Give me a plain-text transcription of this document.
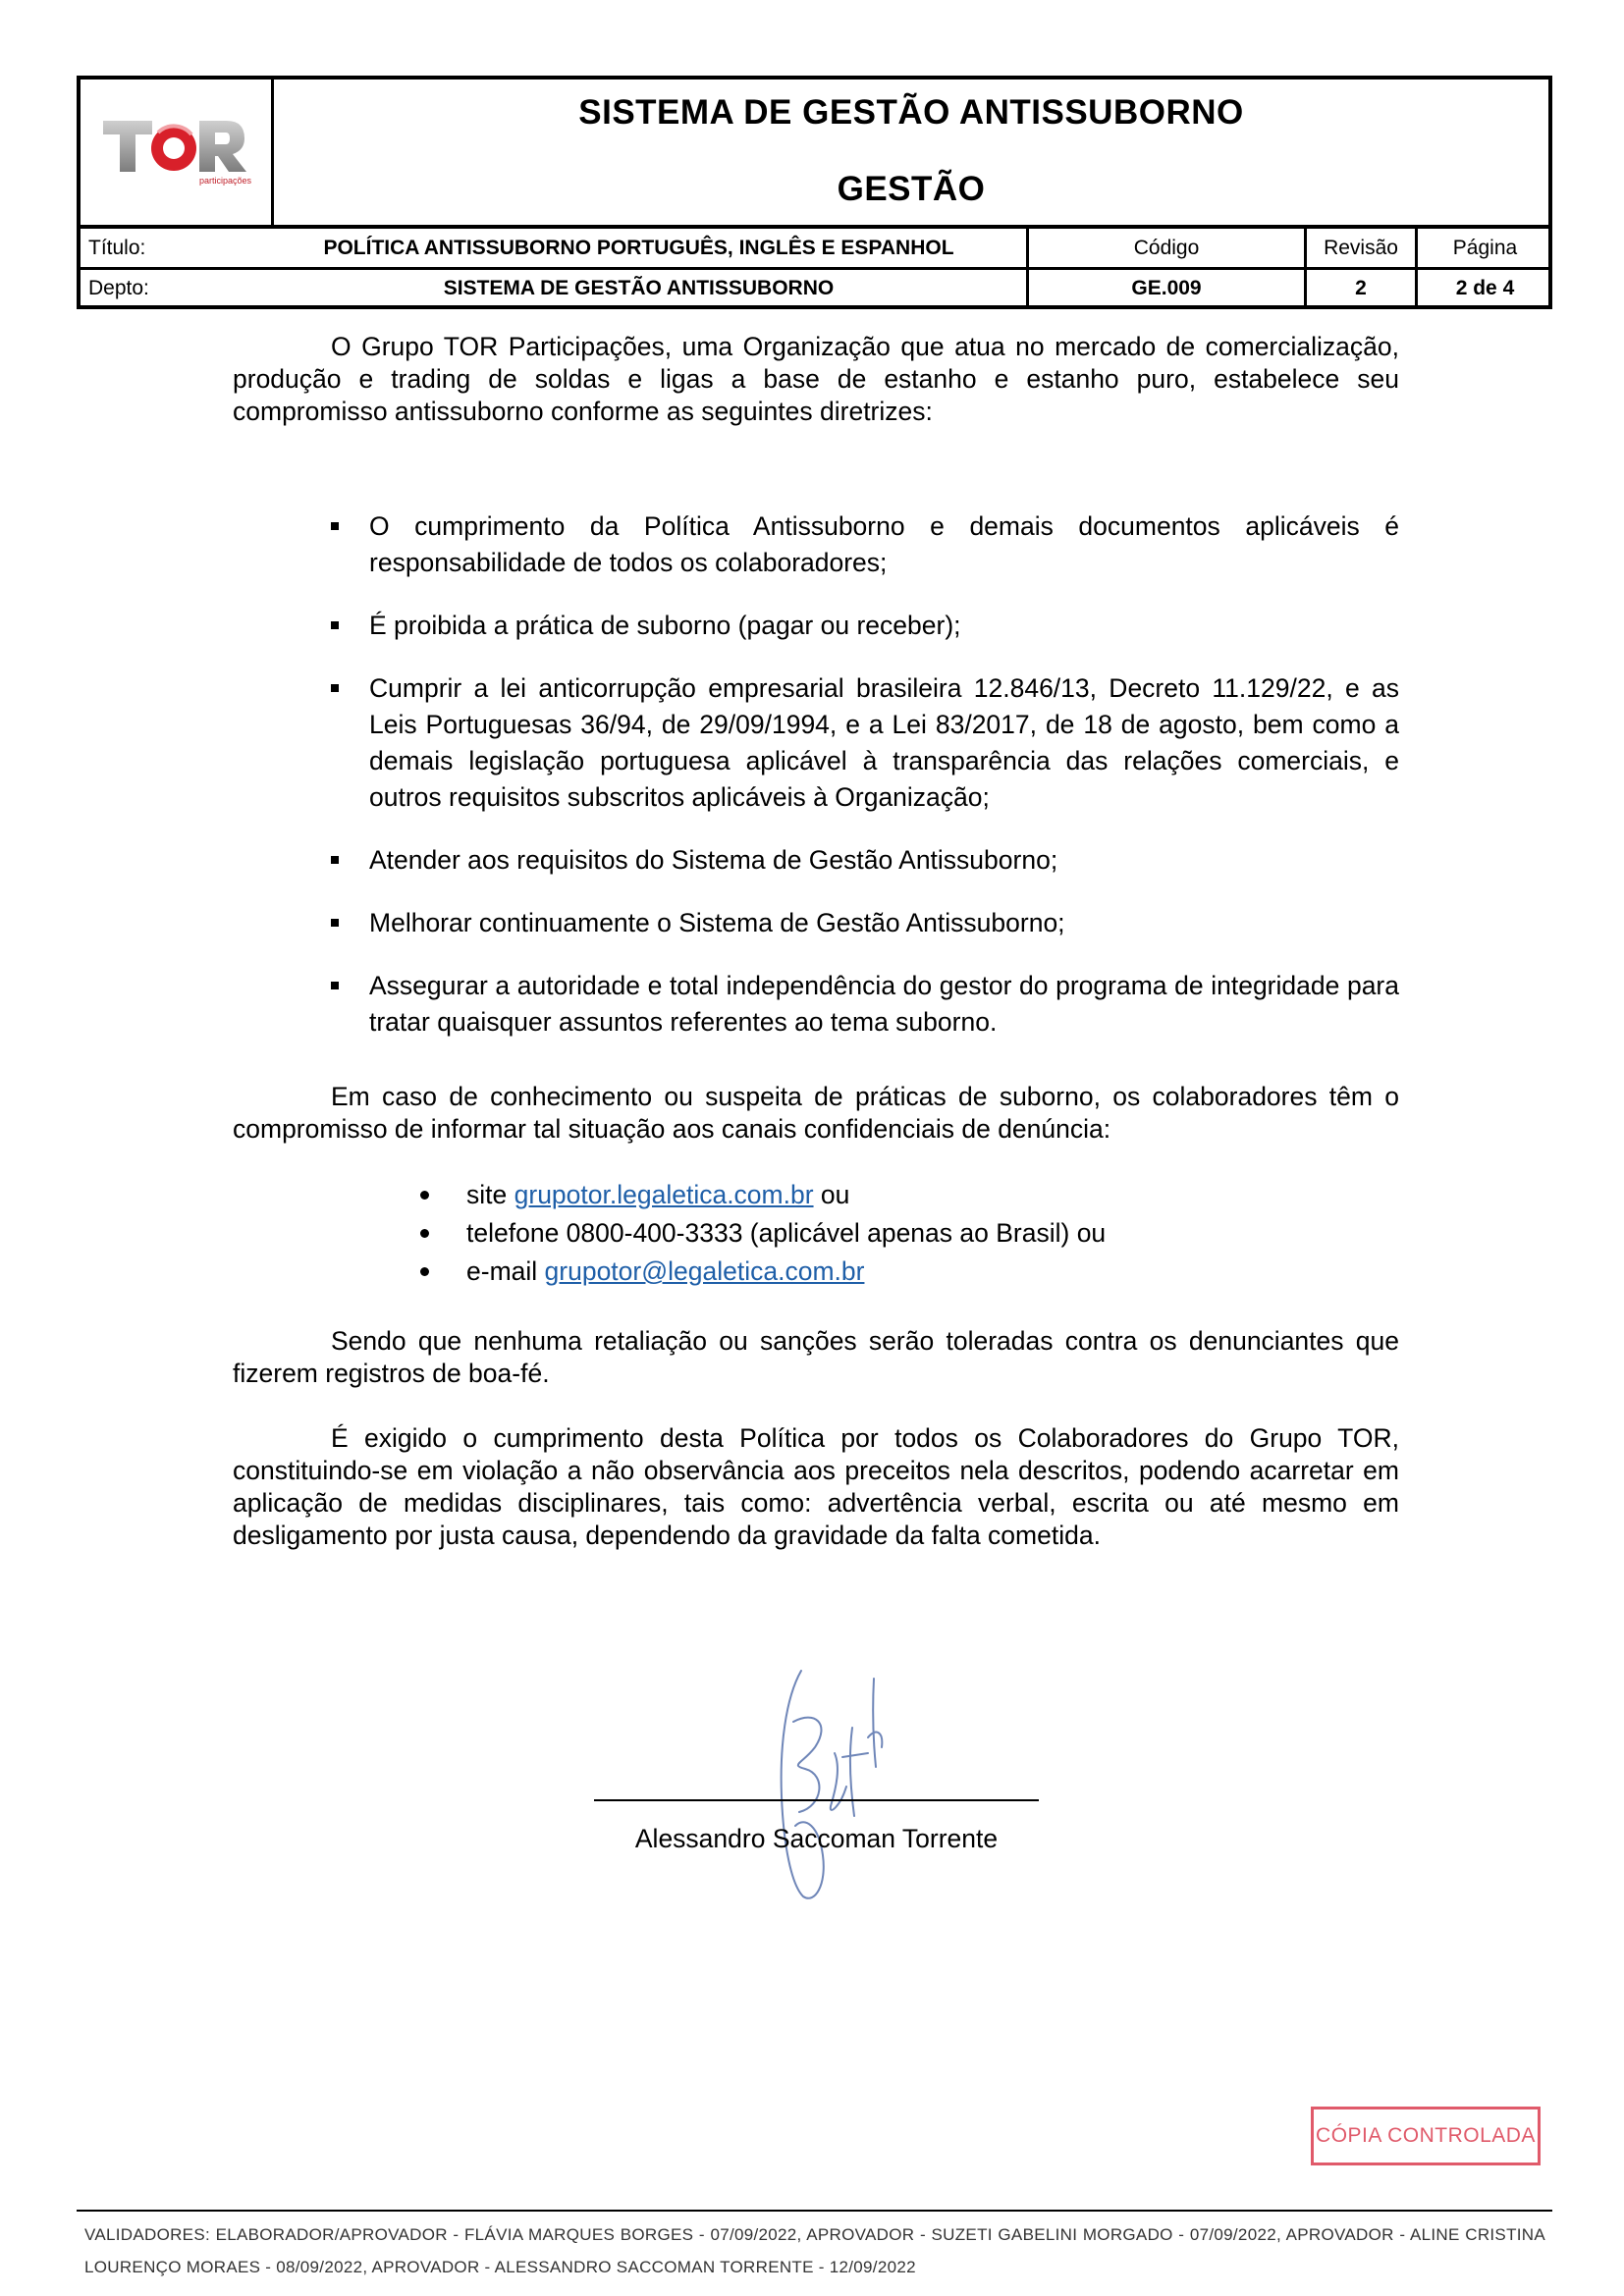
participações
SISTEMA DE GESTÃO ANTISSUBORNO
GESTÃO
Título:	POLÍTICA ANTISSUBORNO PORTUGUÊS, INGLÊS E ESPANHOL
Depto:	SISTEMA DE GESTÃO ANTISSUBORNO
Código
GE.009
Revisão
2
Página
2 de 4
O Grupo TOR Participações, uma Organização que atua no mercado de comercialização, produção e trading de soldas e ligas a base de estanho e estanho puro, estabelece seu compromisso antissuborno conforme as seguintes diretrizes:
O cumprimento da Política Antissuborno e demais documentos aplicáveis é responsabilidade de todos os colaboradores;
É proibida a prática de suborno (pagar ou receber);
Cumprir a lei anticorrupção empresarial brasileira 12.846/13, Decreto 11.129/22, e as Leis Portuguesas 36/94, de 29/09/1994, e a Lei 83/2017, de 18 de agosto, bem como a demais legislação portuguesa aplicável à transparência das relações comerciais, e outros requisitos subscritos aplicáveis à Organização;
Atender aos requisitos do Sistema de Gestão Antissuborno;
Melhorar continuamente o Sistema de Gestão Antissuborno;
Assegurar a autoridade e total independência do gestor do programa de integridade para tratar quaisquer assuntos referentes ao tema suborno.
Em caso de conhecimento ou suspeita de práticas de suborno, os colaboradores têm o compromisso de informar tal situação aos canais confidenciais de denúncia:
site grupotor.legaletica.com.br ou
telefone 0800-400-3333 (aplicável apenas ao Brasil) ou
e-mail grupotor@legaletica.com.br
Sendo que nenhuma retaliação ou sanções serão toleradas contra os denunciantes que fizerem registros de boa-fé.
É exigido o cumprimento desta Política por todos os Colaboradores do Grupo TOR, constituindo-se em violação a não observância aos preceitos nela descritos, podendo acarretar em aplicação de medidas disciplinares, tais como: advertência verbal, escrita ou até mesmo em desligamento por justa causa, dependendo da gravidade da falta cometida.
Alessandro Saccoman Torrente
CÓPIA CONTROLADA
VALIDADORES: ELABORADOR/APROVADOR - FLÁVIA MARQUES BORGES - 07/09/2022, APROVADOR - SUZETI GABELINI MORGADO - 07/09/2022, APROVADOR - ALINE CRISTINA LOURENÇO MORAES - 08/09/2022, APROVADOR - ALESSANDRO SACCOMAN TORRENTE - 12/09/2022
